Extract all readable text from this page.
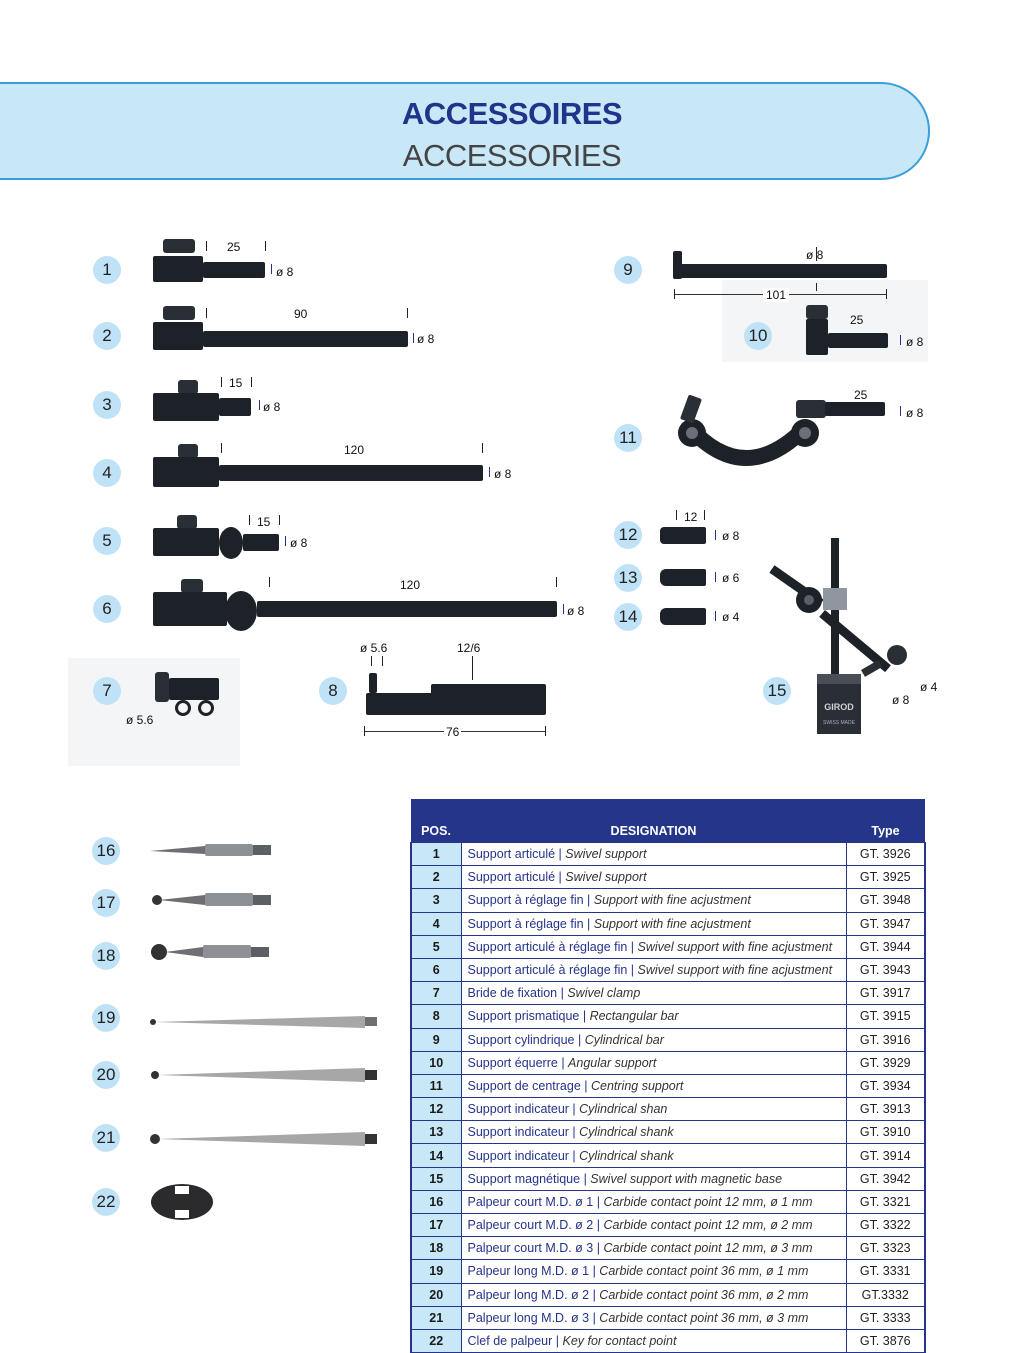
ACCESSOIRES
ACCESSORIES
1
2
3
4
5
6
7	8
9
10
11
12
13
14
15
25
ø 8
90
ø 8
15
ø 8
120
ø 8
15
ø 8
120
ø 8
ø 5.6
ø 5.6	12/6
76
ø 8
101
25
ø 8
25
ø 8
12
ø 8
ø 6
ø 4
GIROD
SWISS MADE
ø 4
ø 8
16
17
18
19
20
21
22
POS.	DESIGNATION	Type
1	Support articulé | Swivel support	GT. 3926
2	Support articulé | Swivel support	GT. 3925
3	Support à réglage fin | Support with fine acjustment	GT. 3948
4	Support à réglage fin | Support with fine acjustment	GT. 3947
5	Support articulé à réglage fin | Swivel support with fine acjustment	GT. 3944
6	Support articulé à réglage fin | Swivel support with fine acjustment	GT. 3943
7	Bride de fixation | Swivel clamp	GT. 3917
8	Support prismatique | Rectangular bar	GT. 3915
9	Support cylindrique | Cylindrical bar	GT. 3916
10	Support équerre | Angular support	GT. 3929
11	Support de centrage | Centring support	GT. 3934
12	Support indicateur | Cylindrical shan	GT. 3913
13	Support indicateur | Cylindrical shank	GT. 3910
14	Support indicateur | Cylindrical shank	GT. 3914
15	Support magnétique | Swivel support with magnetic base	GT. 3942
16	Palpeur court M.D. ø 1 | Carbide contact point 12 mm, ø 1 mm	GT. 3321
17	Palpeur court M.D. ø 2 | Carbide contact point 12 mm, ø 2 mm	GT. 3322
18	Palpeur court M.D. ø 3 | Carbide contact point 12 mm, ø 3 mm	GT. 3323
19	Palpeur long M.D. ø 1 | Carbide contact point 36 mm, ø 1 mm	GT. 3331
20	Palpeur long M.D. ø 2 | Carbide contact point 36 mm, ø 2 mm	GT.3332
21	Palpeur long M.D. ø 3 | Carbide contact point 36 mm, ø 3 mm	GT. 3333
22	Clef de palpeur | Key for contact point	GT. 3876
